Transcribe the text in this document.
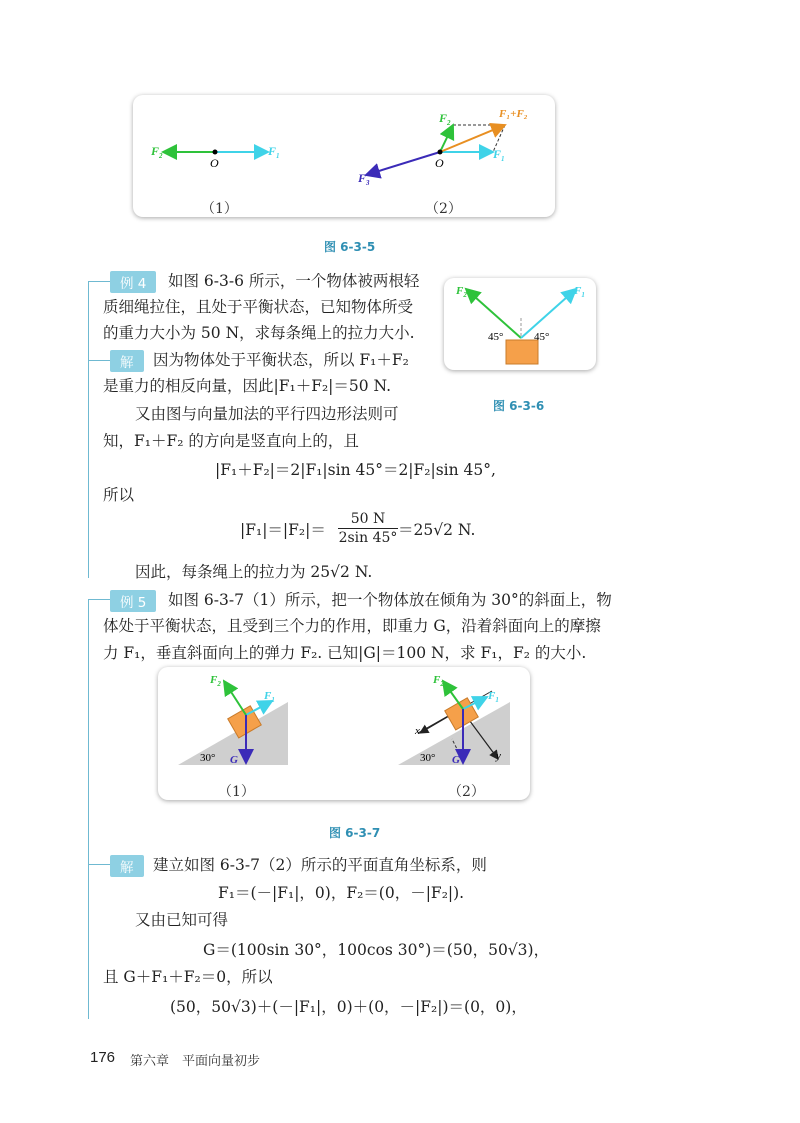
$F_2$	$F_1$
O
$F_2$
$F_1$
F₁+F₂
$F_3$
O
（1）	（2）
图 6-3-5
例 4	如图 6-3-6 所示，一个物体被两根轻
质细绳拉住，且处于平衡状态，已知物体所受
的重力大小为 50 N，求每条绳上的拉力大小.
解	因为物体处于平衡状态，所以 F₁＋F₂
是重力的相反向量，因此|F₁＋F₂|＝50 N.
又由图与向量加法的平行四边形法则可
知，F₁＋F₂ 的方向是竖直向上的，且
|F₁＋F₂|＝2|F₁|sin 45°＝2|F₂|sin 45°,
所以
$|F_1|=|F_2|= \frac{50 N}{2\sin 45^\circ} =25√2$ N.
因此，每条绳上的拉力为 25√2 N.
$F_2$	$F_1$
45°	45°
图 6-3-6
例 5	如图 6-3-7（1）所示，把一个物体放在倾角为 30°的斜面上，物
体处于平衡状态，且受到三个力的作用，即重力 G，沿着斜面向上的摩擦
力 F₁，垂直斜面向上的弹力 F₂. 已知|G|＝100 N，求 F₁，F₂ 的大小.
$F_2$
$F_1$
G
30°
$F_2$
$F_1$
G
x
y
30°
（1）	（2）
图 6-3-7
解	建立如图 6-3-7（2）所示的平面直角坐标系，则
F₁＝(－|F₁|，0)，F₂＝(0，－|F₂|).
又由已知可得
G＝(100sin 30°，100cos 30°)＝(50，50√3)，
且 G＋F₁＋F₂＝0，所以
(50，50√3)＋(－|F₁|，0)＋(0，－|F₂|)＝(0，0)，
176 第六章　平面向量初步
